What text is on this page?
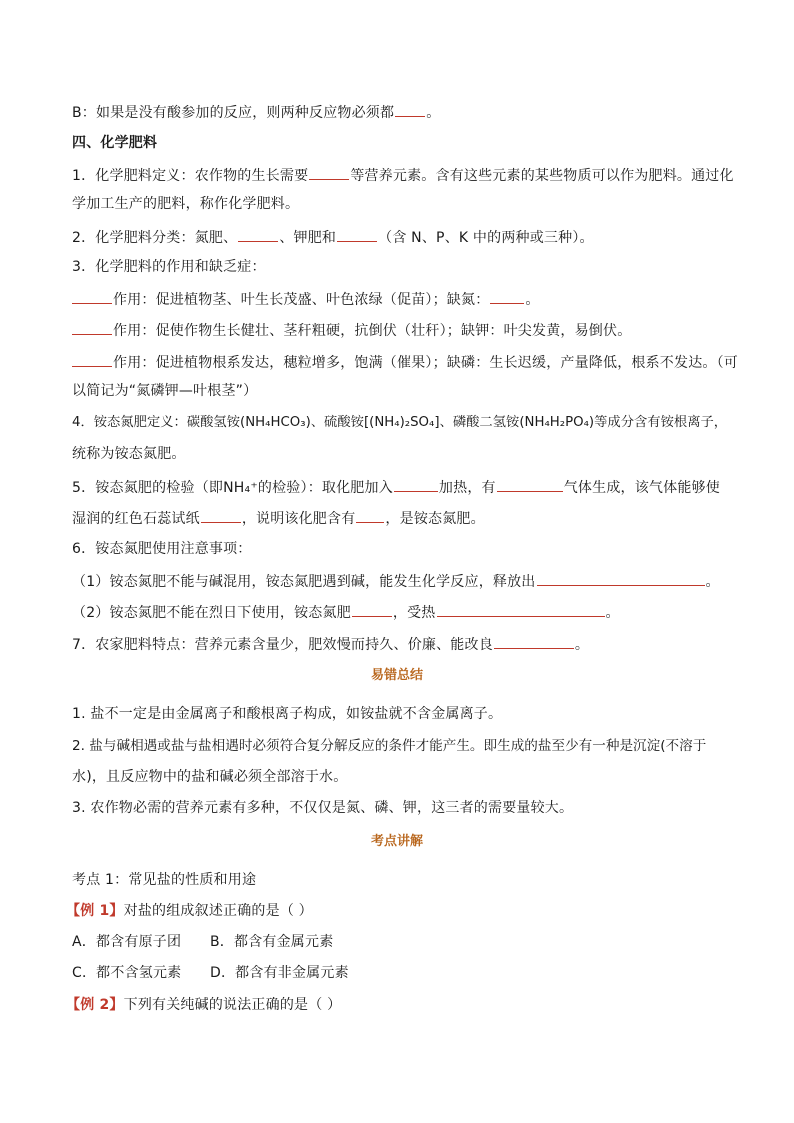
B：如果是没有酸参加的反应，则两种反应物必须都 。
四、化学肥料
1．化学肥料定义：农作物的生长需要	等营养元素。含有这些元素的某些物质可以作为肥料。通过化
学加工生产的肥料，称作化学肥料。
2．化学肥料分类：氮肥、	、钾肥和	（含 N、P、K 中的两种或三种）。
3．化学肥料的作用和缺乏症：
作用：促进植物茎、叶生长茂盛、叶色浓绿（促苗）；缺氮：	。
作用：促使作物生长健壮、茎秆粗硬，抗倒伏（壮秆）；缺钾：叶尖发黄，易倒伏。
作用：促进植物根系发达，穗粒增多，饱满（催果）；缺磷：生长迟缓，产量降低，根系不发达。（可
以简记为“氮磷钾—叶根茎”）
4．铵态氮肥定义：碳酸氢铵(NH₄HCO₃)、硫酸铵[(NH₄)₂SO₄]、磷酸二氢铵(NH₄H₂PO₄)等成分含有铵根离子，
统称为铵态氮肥。
5．铵态氮肥的检验（即NH₄⁺的检验）：取化肥加入	加热，有	气体生成，该气体能够使
湿润的红色石蕊试纸	，说明该化肥含有 ，是铵态氮肥。
6．铵态氮肥使用注意事项：
（1）铵态氮肥不能与碱混用，铵态氮肥遇到碱，能发生化学反应，释放出	。
（2）铵态氮肥不能在烈日下使用，铵态氮肥	，受热	。
7．农家肥料特点：营养元素含量少，肥效慢而持久、价廉、能改良	。
易错总结
1. 盐不一定是由金属离子和酸根离子构成，如铵盐就不含金属离子。
2. 盐与碱相遇或盐与盐相遇时必须符合复分解反应的条件才能产生。即生成的盐至少有一种是沉淀(不溶于
水)，且反应物中的盐和碱必须全部溶于水。
3. 农作物必需的营养元素有多种，不仅仅是氮、磷、钾，这三者的需要量较大。
考点讲解
考点 1：常见盐的性质和用途
【例 1】对盐的组成叙述正确的是（ ）
A．都含有原子团 B．都含有金属元素
C．都不含氢元素 D．都含有非金属元素
【例 2】下列有关纯碱的说法正确的是（ ）
